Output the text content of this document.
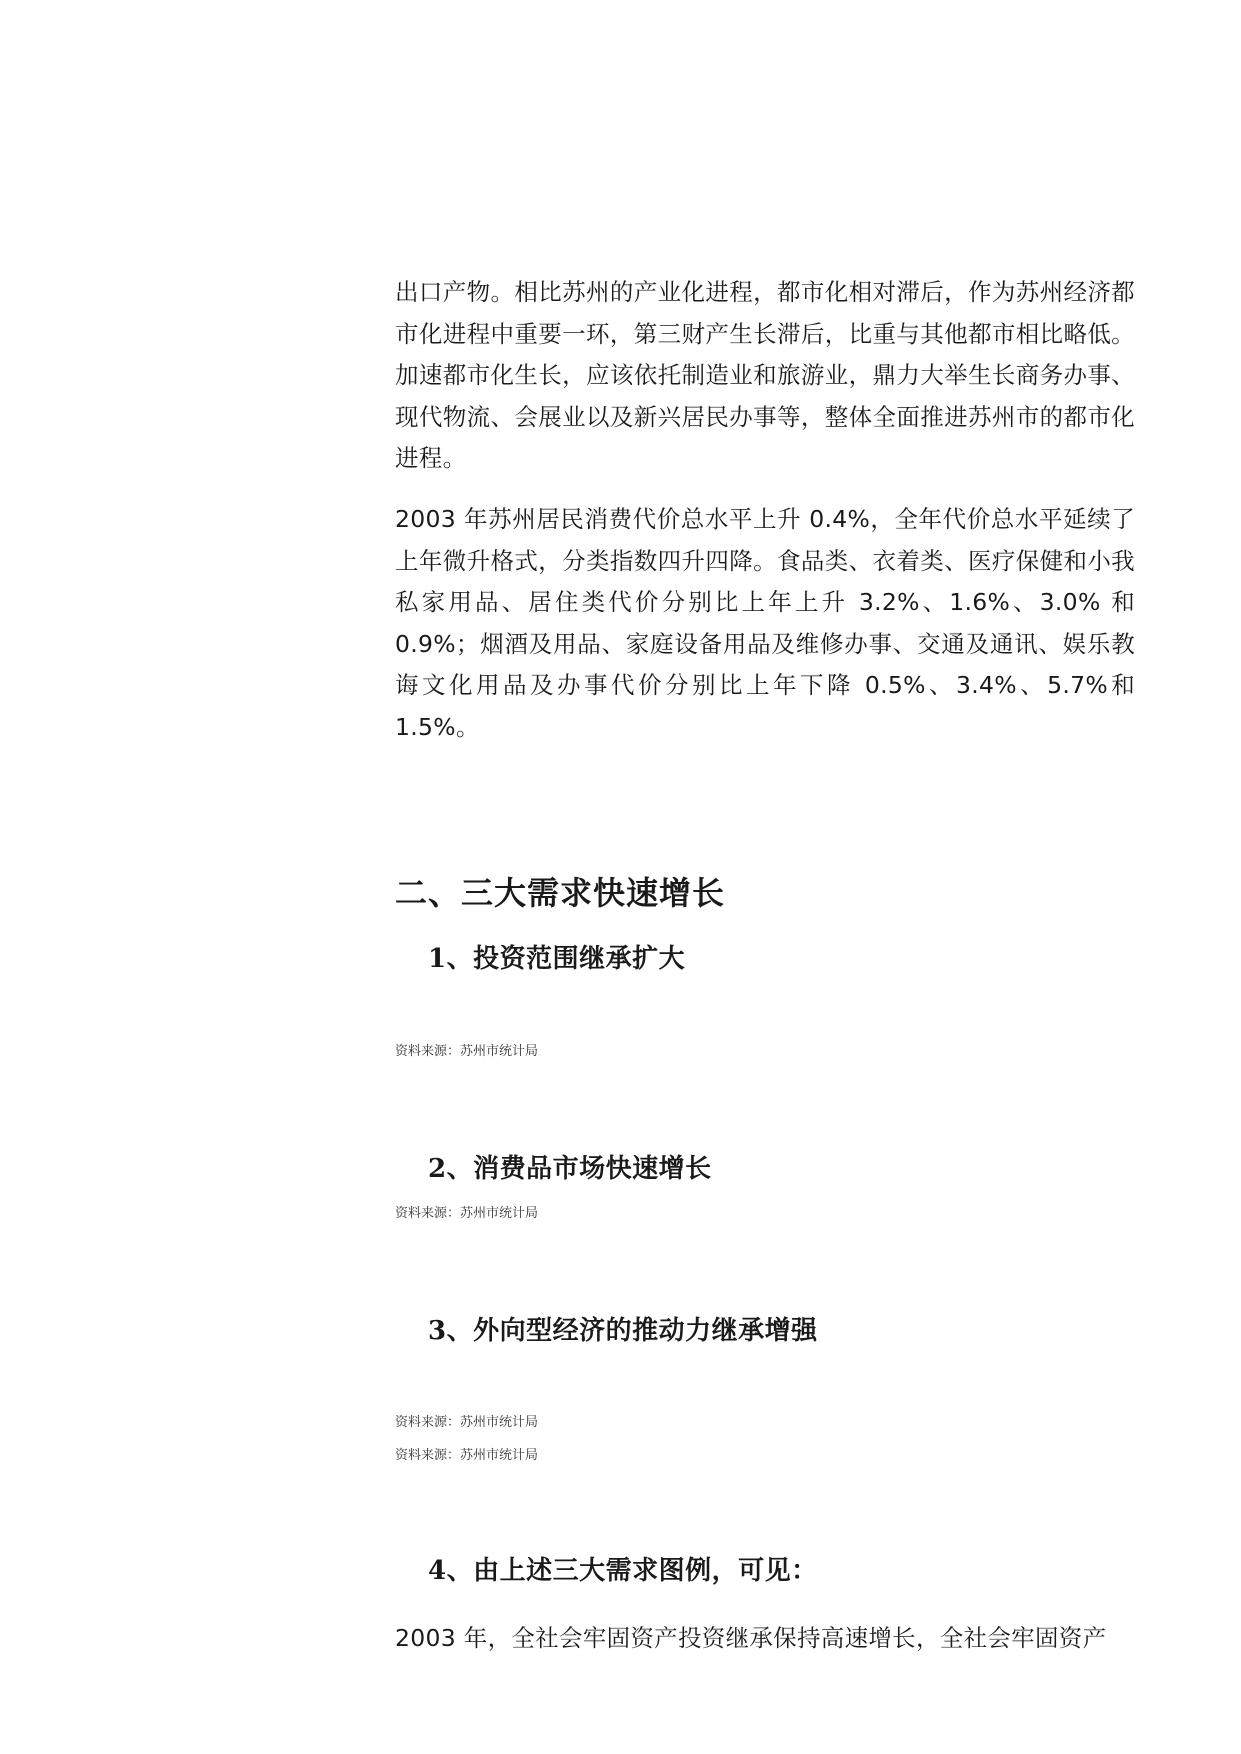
出口产物。相比苏州的产业化进程，都市化相对滞后，作为苏州经济都市化进程中重要一环，第三财产生长滞后，比重与其他都市相比略低。加速都市化生长，应该依托制造业和旅游业，鼎力大举生长商务办事、现代物流、会展业以及新兴居民办事等，整体全面推进苏州市的都市化进程。

2003 年苏州居民消费代价总水平上升 0.4%，全年代价总水平延续了上年微升格式，分类指数四升四降。食品类、衣着类、医疗保健和小我私家用品、居住类代价分别比上年上升 3.2%、1.6%、3.0% 和 0.9%；烟酒及用品、家庭设备用品及维修办事、交通及通讯、娱乐教诲文化用品及办事代价分别比上年下降 0.5%、3.4%、5.7%和 1.5%。

二、三大需求快速增长
1、投资范围继承扩大

资料来源：苏州市统计局

2、消费品市场快速增长

资料来源：苏州市统计局

3、外向型经济的推动力继承增强

资料来源：苏州市统计局

资料来源：苏州市统计局

4、由上述三大需求图例，可见：

2003 年，全社会牢固资产投资继承保持高速增长，全社会牢固资产
